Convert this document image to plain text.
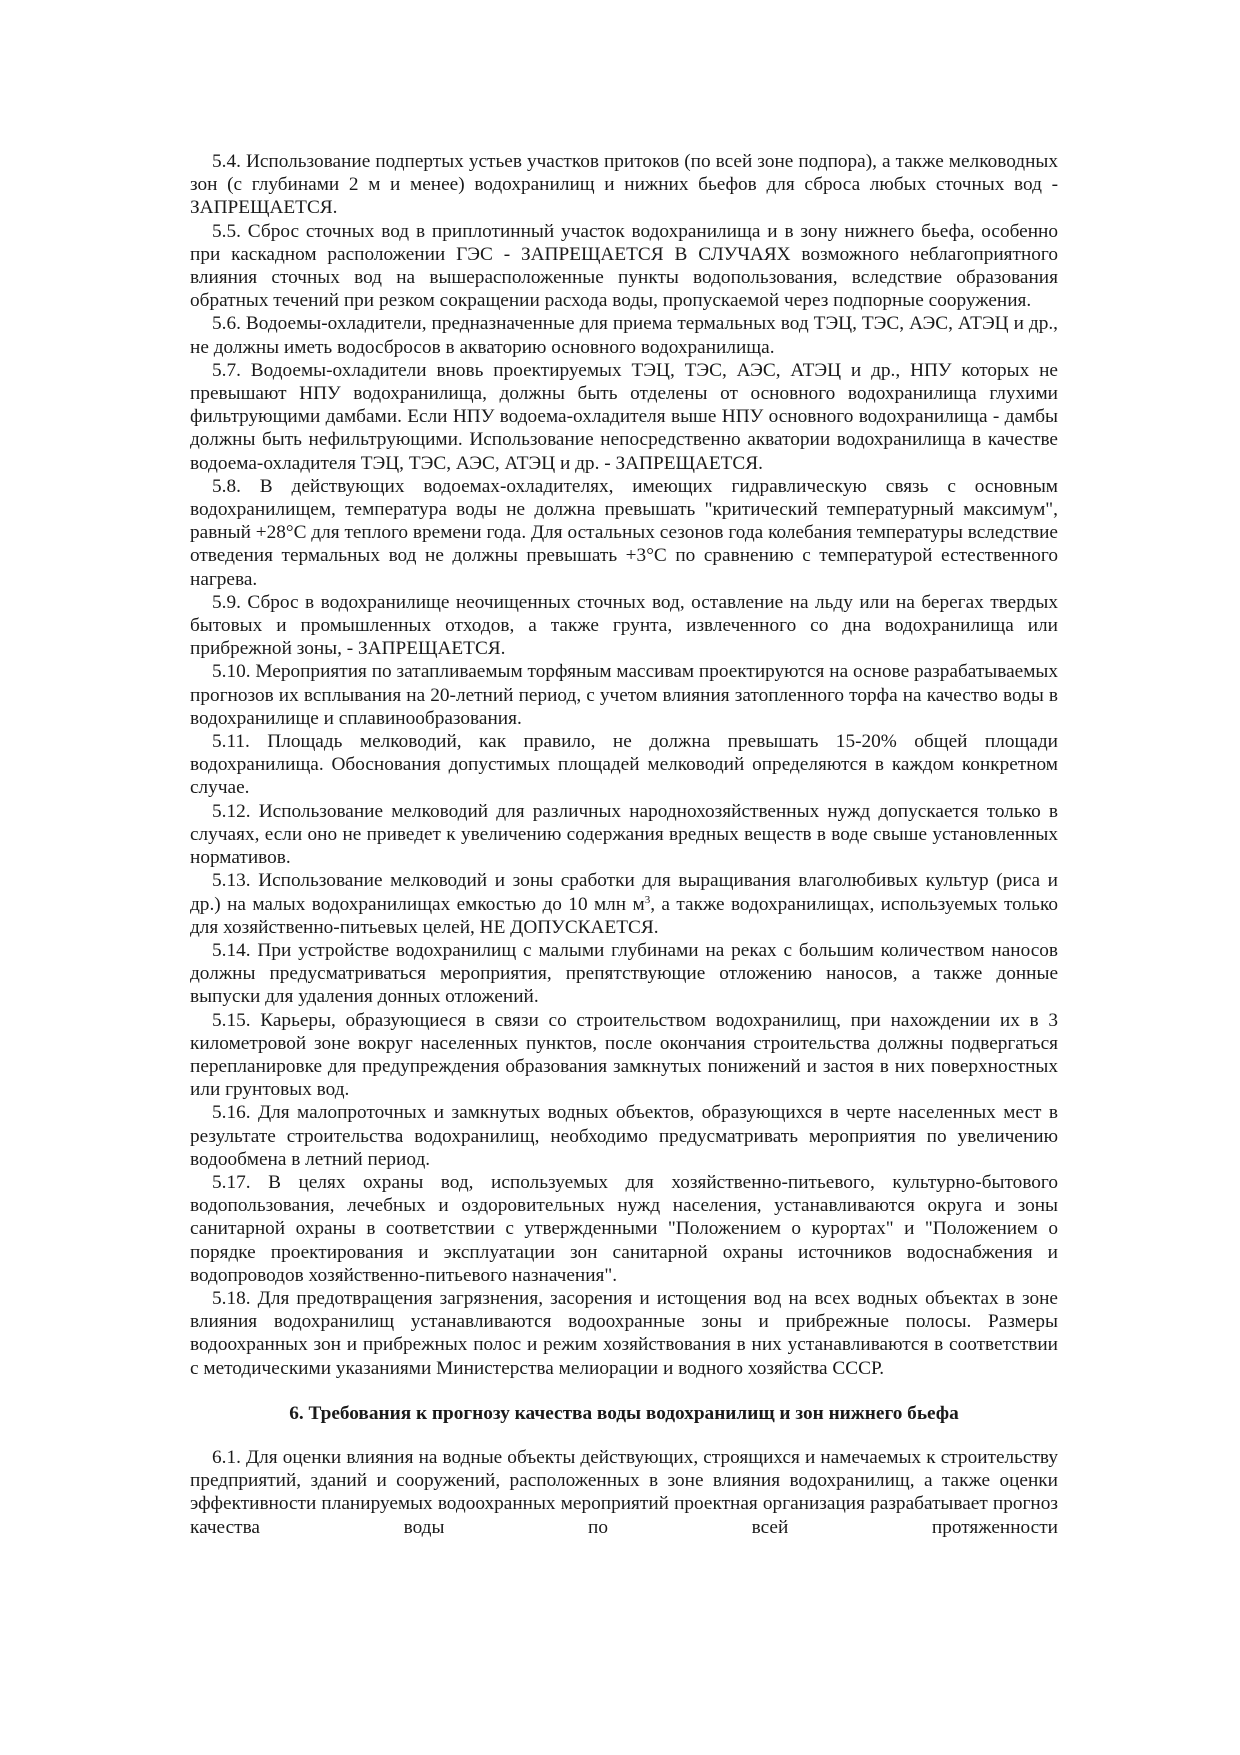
5.4. Использование подпертых устьев участков притоков (по всей зоне подпора), а также мелководных зон (с глубинами 2 м и менее) водохранилищ и нижних бьефов для сброса любых сточных вод - ЗАПРЕЩАЕТСЯ.

5.5. Сброс сточных вод в приплотинный участок водохранилища и в зону нижнего бьефа, особенно при каскадном расположении ГЭС - ЗАПРЕЩАЕТСЯ В СЛУЧАЯХ возможного неблагоприятного влияния сточных вод на вышерасположенные пункты водопользования, вследствие образования обратных течений при резком сокращении расхода воды, пропускаемой через подпорные сооружения.

5.6. Водоемы-охладители, предназначенные для приема термальных вод ТЭЦ, ТЭС, АЭС, АТЭЦ и др., не должны иметь водосбросов в акваторию основного водохранилища.

5.7. Водоемы-охладители вновь проектируемых ТЭЦ, ТЭС, АЭС, АТЭЦ и др., НПУ которых не превышают НПУ водохранилища, должны быть отделены от основного водохранилища глухими фильтрующими дамбами. Если НПУ водоема-охладителя выше НПУ основного водохранилища - дамбы должны быть нефильтрующими. Использование непосредственно акватории водохранилища в качестве водоема-охладителя ТЭЦ, ТЭС, АЭС, АТЭЦ и др. - ЗАПРЕЩАЕТСЯ.

5.8. В действующих водоемах-охладителях, имеющих гидравлическую связь с основным водохранилищем, температура воды не должна превышать "критический температурный максимум", равный +28°С для теплого времени года. Для остальных сезонов года колебания температуры вследствие отведения термальных вод не должны превышать +3°С по сравнению с температурой естественного нагрева.

5.9. Сброс в водохранилище неочищенных сточных вод, оставление на льду или на берегах твердых бытовых и промышленных отходов, а также грунта, извлеченного со дна водохранилища или прибрежной зоны, - ЗАПРЕЩАЕТСЯ.

5.10. Мероприятия по затапливаемым торфяным массивам проектируются на основе разрабатываемых прогнозов их всплывания на 20-летний период, с учетом влияния затопленного торфа на качество воды в водохранилище и сплавинообразования.

5.11. Площадь мелководий, как правило, не должна превышать 15-20% общей площади водохранилища. Обоснования допустимых площадей мелководий определяются в каждом конкретном случае.

5.12. Использование мелководий для различных народнохозяйственных нужд допускается только в случаях, если оно не приведет к увеличению содержания вредных веществ в воде свыше установленных нормативов.

5.13. Использование мелководий и зоны сработки для выращивания влаголюбивых культур (риса и др.) на малых водохранилищах емкостью до 10 млн $м^3$, а также водохранилищах, используемых только для хозяйственно-питьевых целей, НЕ ДОПУСКАЕТСЯ.

5.14. При устройстве водохранилищ с малыми глубинами на реках с большим количеством наносов должны предусматриваться мероприятия, препятствующие отложению наносов, а также донные выпуски для удаления донных отложений.

5.15. Карьеры, образующиеся в связи со строительством водохранилищ, при нахождении их в 3 километровой зоне вокруг населенных пунктов, после окончания строительства должны подвергаться перепланировке для предупреждения образования замкнутых понижений и застоя в них поверхностных или грунтовых вод.

5.16. Для малопроточных и замкнутых водных объектов, образующихся в черте населенных мест в результате строительства водохранилищ, необходимо предусматривать мероприятия по увеличению водообмена в летний период.

5.17. В целях охраны вод, используемых для хозяйственно-питьевого, культурно-бытового водопользования, лечебных и оздоровительных нужд населения, устанавливаются округа и зоны санитарной охраны в соответствии с утвержденными "Положением о курортах" и "Положением о порядке проектирования и эксплуатации зон санитарной охраны источников водоснабжения и водопроводов хозяйственно-питьевого назначения".

5.18. Для предотвращения загрязнения, засорения и истощения вод на всех водных объектах в зоне влияния водохранилищ устанавливаются водоохранные зоны и прибрежные полосы. Размеры водоохранных зон и прибрежных полос и режим хозяйствования в них устанавливаются в соответствии с методическими указаниями Министерства мелиорации и водного хозяйства СССР.

6. Требования к прогнозу качества воды водохранилищ и зон нижнего бьефа

6.1. Для оценки влияния на водные объекты действующих, строящихся и намечаемых к строительству предприятий, зданий и сооружений, расположенных в зоне влияния водохранилищ, а также оценки эффективности планируемых водоохранных мероприятий проектная организация разрабатывает прогноз качества воды по всей протяженности
